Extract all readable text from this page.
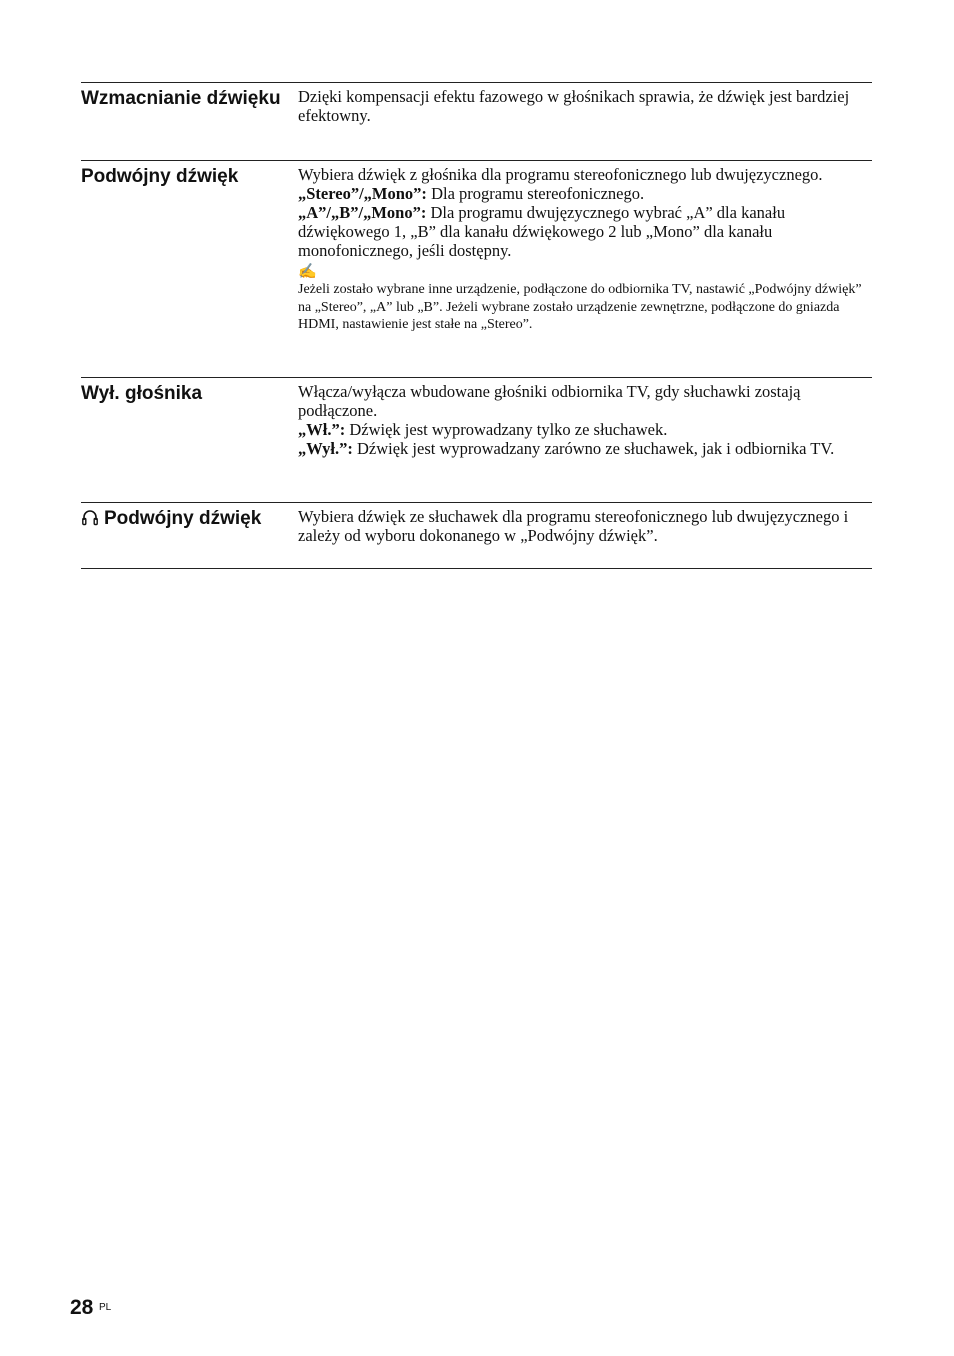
Wzmacnianie dźwięku	Dzięki kompensacji efektu fazowego w głośnikach sprawia, że dźwięk jest bardziej efektowny.

Podwójny dźwięk	Wybiera dźwięk z głośnika dla programu stereofonicznego lub dwujęzycznego.

„Stereo”/„Mono”: Dla programu stereofonicznego.

„A”/„B”/„Mono”: Dla programu dwujęzycznego wybrać „A” dla kanału dźwiękowego 1, „B” dla kanału dźwiękowego 2 lub „Mono” dla kanału monofonicznego, jeśli dostępny.

✍

Jeżeli zostało wybrane inne urządzenie, podłączone do odbiornika TV, nastawić „Podwójny dźwięk” na „Stereo”, „A” lub „B”. Jeżeli wybrane zostało urządzenie zewnętrzne, podłączone do gniazda HDMI, nastawienie jest stałe na „Stereo”.

Wył. głośnika	Włącza/wyłącza wbudowane głośniki odbiornika TV, gdy słuchawki zostają podłączone.

„Wł.”: Dźwięk jest wyprowadzany tylko ze słuchawek.

„Wył.”: Dźwięk jest wyprowadzany zarówno ze słuchawek, jak i odbiornika TV.

Podwójny dźwięk	Wybiera dźwięk ze słuchawek dla programu stereofonicznego lub dwujęzycznego i zależy od wyboru dokonanego w „Podwójny dźwięk”.

28 PL
